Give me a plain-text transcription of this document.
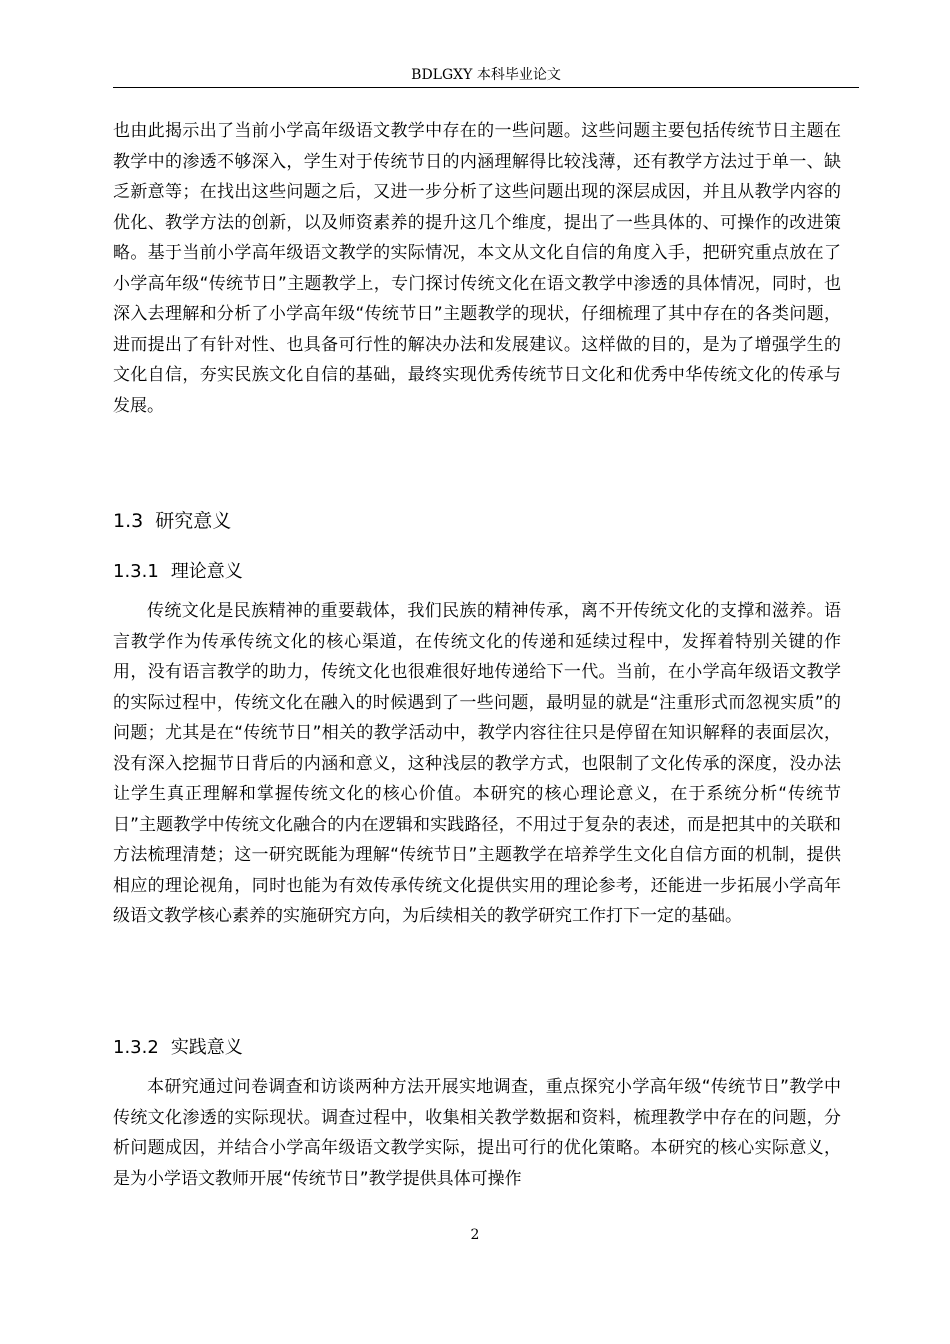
BDLGXY 本科毕业论文

也由此揭示出了当前小学高年级语文教学中存在的一些问题。这些问题主要包括传统节日主题在教学中的渗透不够深入，学生对于传统节日的内涵理解得比较浅薄，还有教学方法过于单一、缺乏新意等；在找出这些问题之后，又进一步分析了这些问题出现的深层成因，并且从教学内容的优化、教学方法的创新，以及师资素养的提升这几个维度，提出了一些具体的、可操作的改进策略。基于当前小学高年级语文教学的实际情况，本文从文化自信的角度入手，把研究重点放在了小学高年级“传统节日”主题教学上，专门探讨传统文化在语文教学中渗透的具体情况，同时，也深入去理解和分析了小学高年级“传统节日”主题教学的现状，仔细梳理了其中存在的各类问题，进而提出了有针对性、也具备可行性的解决办法和发展建议。这样做的目的，是为了增强学生的文化自信，夯实民族文化自信的基础，最终实现优秀传统节日文化和优秀中华传统文化的传承与发展。

1.3 研究意义
1.3.1 理论意义

传统文化是民族精神的重要载体，我们民族的精神传承，离不开传统文化的支撑和滋养。语言教学作为传承传统文化的核心渠道，在传统文化的传递和延续过程中，发挥着特别关键的作用，没有语言教学的助力，传统文化也很难很好地传递给下一代。当前，在小学高年级语文教学的实际过程中，传统文化在融入的时候遇到了一些问题，最明显的就是“注重形式而忽视实质”的问题；尤其是在“传统节日”相关的教学活动中，教学内容往往只是停留在知识解释的表面层次，没有深入挖掘节日背后的内涵和意义，这种浅层的教学方式，也限制了文化传承的深度，没办法让学生真正理解和掌握传统文化的核心价值。本研究的核心理论意义，在于系统分析“传统节日”主题教学中传统文化融合的内在逻辑和实践路径，不用过于复杂的表述，而是把其中的关联和方法梳理清楚；这一研究既能为理解“传统节日”主题教学在培养学生文化自信方面的机制，提供相应的理论视角，同时也能为有效传承传统文化提供实用的理论参考，还能进一步拓展小学高年级语文教学核心素养的实施研究方向，为后续相关的教学研究工作打下一定的基础。

1.3.2 实践意义

本研究通过问卷调查和访谈两种方法开展实地调查，重点探究小学高年级“传统节日”教学中传统文化渗透的实际现状。调查过程中，收集相关教学数据和资料，梳理教学中存在的问题，分析问题成因，并结合小学高年级语文教学实际，提出可行的优化策略。本研究的核心实际意义，是为小学语文教师开展“传统节日”教学提供具体可操作

2
